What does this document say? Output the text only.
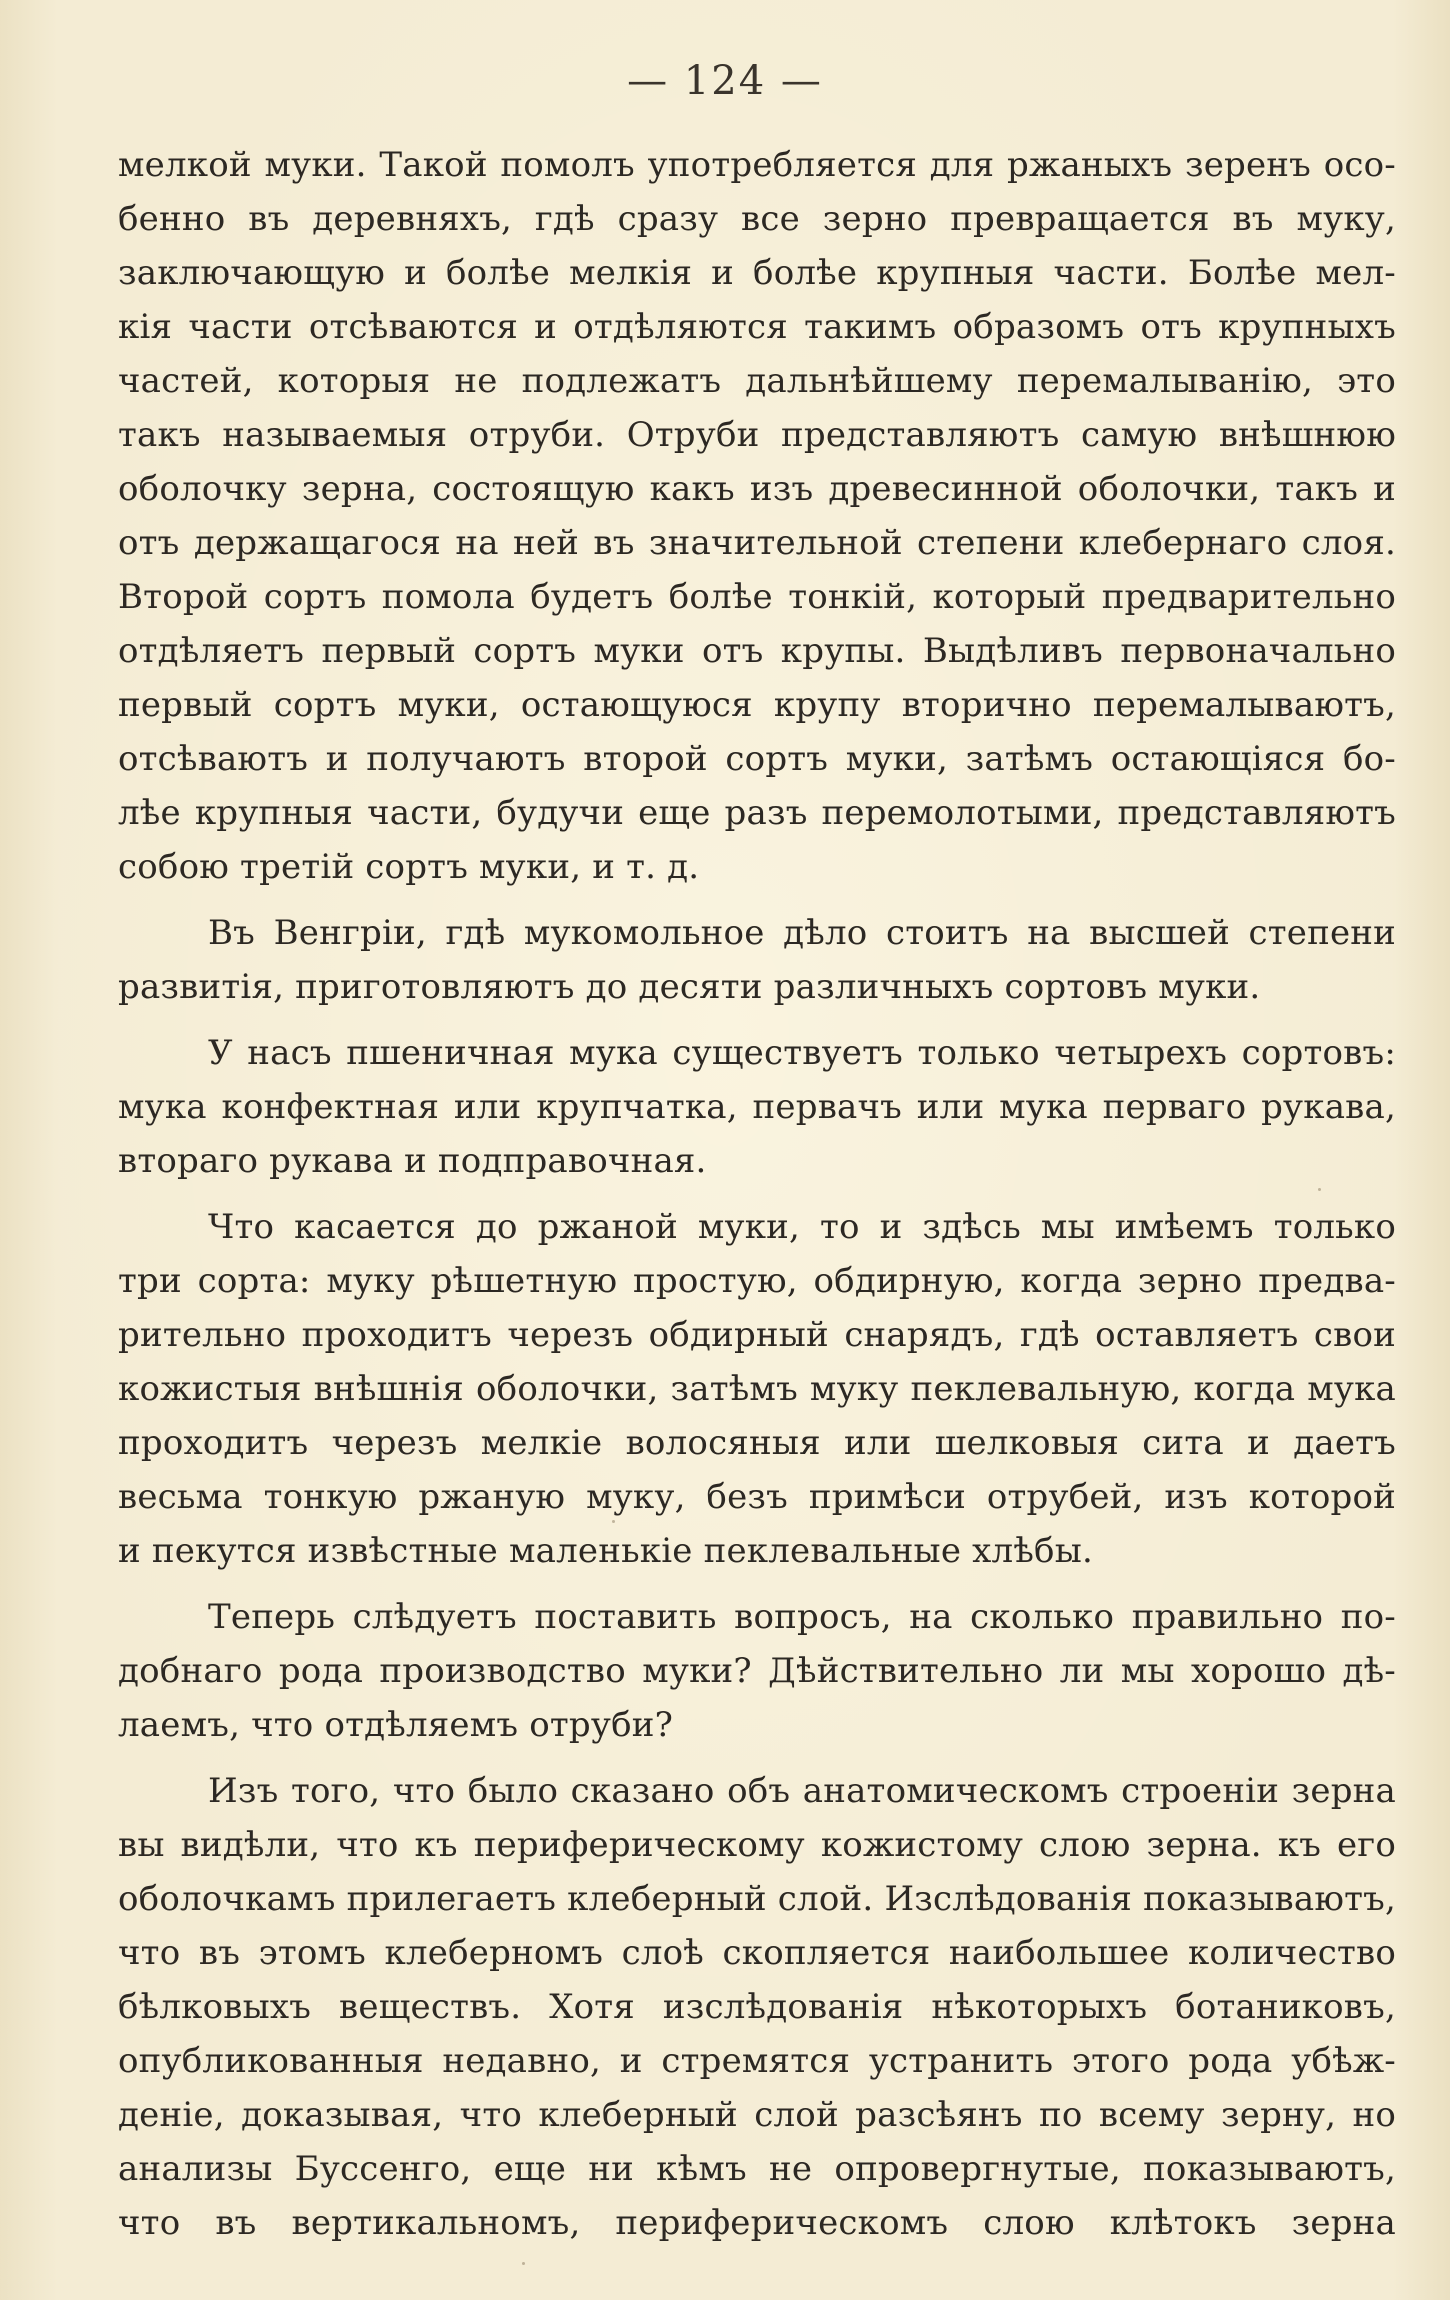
— 124 —
мелкой муки. Такой помолъ употребляется для ржаныхъ зеренъ осо-
бенно въ деревняхъ, гдѣ сразу все зерно превращается въ муку,
заключающую и болѣе мелкія и болѣе крупныя части. Болѣе мел-
кія части отсѣваются и отдѣляются такимъ образомъ отъ крупныхъ
частей, которыя не подлежатъ дальнѣйшему перемалыванію, это
такъ называемыя отруби. Отруби представляютъ самую внѣшнюю
оболочку зерна, состоящую какъ изъ древесинной оболочки, такъ и
отъ держащагося на ней въ значительной степени клебернаго слоя.
Второй сортъ помола будетъ болѣе тонкій, который предварительно
отдѣляетъ первый сортъ муки отъ крупы. Выдѣливъ первоначально
первый сортъ муки, остающуюся крупу вторично перемалываютъ,
отсѣваютъ и получаютъ второй сортъ муки, затѣмъ остающіяся бо-
лѣе крупныя части, будучи еще разъ перемолотыми, представляютъ
собою третій сортъ муки, и т. д.
Въ Венгріи, гдѣ мукомольное дѣло стоитъ на высшей степени
развитія, приготовляютъ до десяти различныхъ сортовъ муки.
У насъ пшеничная мука существуетъ только четырехъ сортовъ:
мука конфектная или крупчатка, первачъ или мука перваго рукава,
втораго рукава и подправочная.
Что касается до ржаной муки, то и здѣсь мы имѣемъ только
три сорта: муку рѣшетную простую, обдирную, когда зерно предва-
рительно проходитъ черезъ обдирный снарядъ, гдѣ оставляетъ свои
кожистыя внѣшнія оболочки, затѣмъ муку пеклевальную, когда мука
проходитъ черезъ мелкіе волосяныя или шелковыя сита и даетъ
весьма тонкую ржаную муку, безъ примѣси отрубей, изъ которой
и пекутся извѣстные маленькіе пеклевальные хлѣбы.
Теперь слѣдуетъ поставить вопросъ, на сколько правильно по-
добнаго рода производство муки? Дѣйствительно ли мы хорошо дѣ-
лаемъ, что отдѣляемъ отруби?
Изъ того, что было сказано объ анатомическомъ строеніи зерна
вы видѣли, что къ периферическому кожистому слою зерна. къ его
оболочкамъ прилегаетъ клеберный слой. Изслѣдованія показываютъ,
что въ этомъ клеберномъ слоѣ скопляется наибольшее количество
бѣлковыхъ веществъ. Хотя изслѣдованія нѣкоторыхъ ботаниковъ,
опубликованныя недавно, и стремятся устранить этого рода убѣж-
деніе, доказывая, что клеберный слой разсѣянъ по всему зерну, но
анализы Буссенго, еще ни кѣмъ не опровергнутые, показываютъ,
что въ вертикальномъ, периферическомъ слою клѣтокъ зерна
